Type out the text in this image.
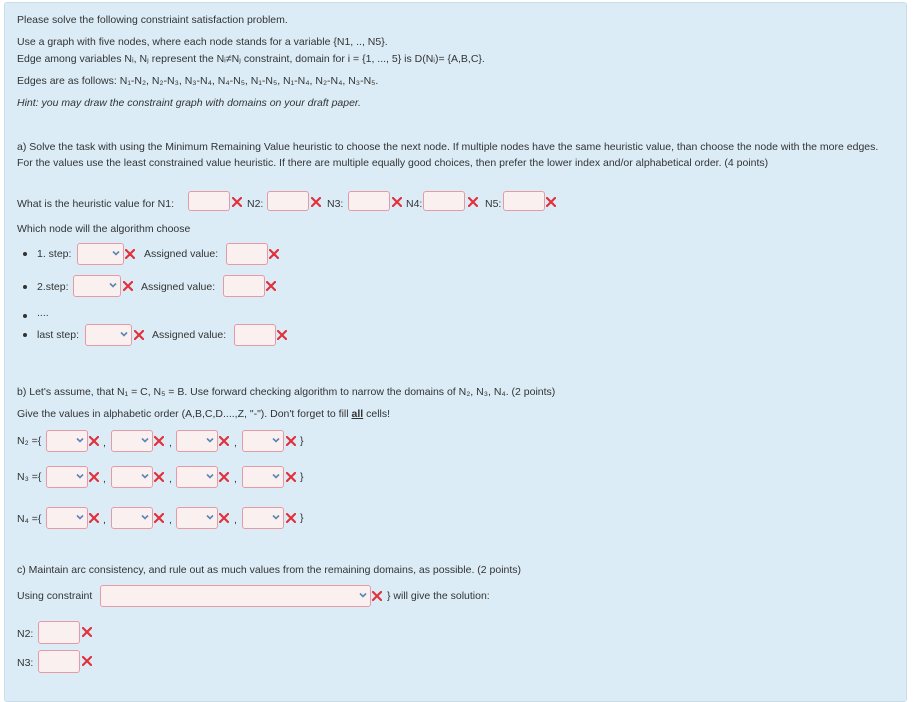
Please solve the following constriaint satisfaction problem.
Use a graph with five nodes, where each node stands for a variable {N1, .., N5}.
Edge among variables Nᵢ, Nⱼ represent the Nᵢ≠Nⱼ constraint, domain for i = {1, ..., 5} is D(Nᵢ)= {A,B,C}.
Edges are as follows: N₁-N₂, N₂-N₃, N₃-N₄, N₄-N₅, N₁-N₅, N₁-N₄, N₂-N₄, N₃-N₅.
Hint: you may draw the constraint graph with domains on your draft paper.
a) Solve the task with using the Minimum Remaining Value heuristic to choose the next node. If multiple nodes have the same heuristic value, than choose the node with the more edges. For the values use the least constrained value heuristic. If there are multiple equally good choices, then prefer the lower index and/or alphabetical order. (4 points)
What is the heuristic value for N1:	N2:	N3:	N4:	N5:
Which node will the algorithm choose
1. step:	Assigned value:
2.step:	Assigned value:
....
last step:	Assigned value:
b) Let's assume, that N₁ = C, N₅ = B. Use forward checking algorithm to narrow the domains of N₂, N₃, N₄. (2 points)
Give the values in alphabetic order (A,B,C,D....,Z, "-"). Don't forget to fill all cells!
N₂ ={	,	,	,	}
N₃ ={	,	,	,	}
N₄ ={	,	,	,	}
c) Maintain arc consistency, and rule out as much values from the remaining domains, as possible. (2 points)
Using constraint	} will give the solution:
N2:
N3:
